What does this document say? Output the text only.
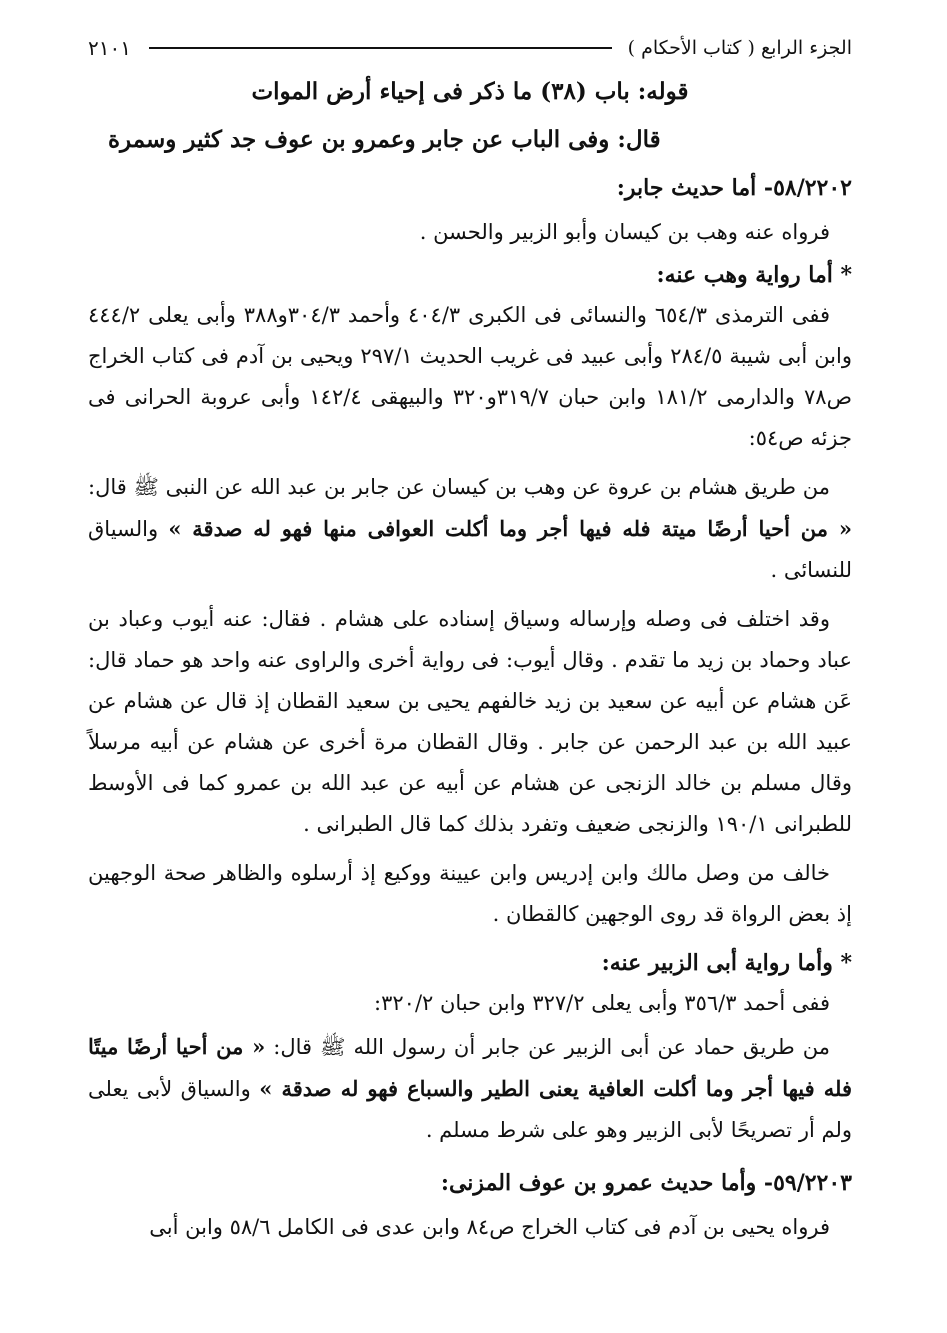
الجزء الرابع ( كتاب الأحكام )
٢١٠١
قوله: باب (٣٨) ما ذكر فى إحياء أرض الموات
قال: وفى الباب عن جابر وعمرو بن عوف جد كثير وسمرة
٥٨/٢٢٠٢- أما حديث جابر:

فرواه عنه وهب بن كيسان وأبو الزبير والحسن .

* أما رواية وهب عنه:

ففى الترمذى ٦٥٤/٣ والنسائى فى الكبرى ٤٠٤/٣ وأحمد ٣٠٤/٣و٣٨٨ وأبى يعلى ٤٤٤/٢ وابن أبى شيبة ٢٨٤/٥ وأبى عبيد فى غريب الحديث ٢٩٧/١ ويحيى بن آدم فى كتاب الخراج ص٧٨ والدارمى ١٨١/٢ وابن حبان ٣١٩/٧و٣٢٠ والبيهقى ١٤٢/٤ وأبى عروبة الحرانى فى جزئه ص٥٤:

من طريق هشام بن عروة عن وهب بن كيسان عن جابر بن عبد الله عن النبى ﷺ قال: « من أحيا أرضًا ميتة فله فيها أجر وما أكلت العوافى منها فهو له صدقة » والسياق للنسائى .

وقد اختلف فى وصله وإرساله وسياق إسناده على هشام . فقال: عنه أيوب وعباد بن عباد وحماد بن زيد ما تقدم . وقال أيوب: فى رواية أخرى والراوى عنه واحد هو حماد قال: عَن هشام عن أبيه عن سعيد بن زيد خالفهم يحيى بن سعيد القطان إذ قال عن هشام عن عبيد الله بن عبد الرحمن عن جابر . وقال القطان مرة أخرى عن هشام عن أبيه مرسلاً وقال مسلم بن خالد الزنجى عن هشام عن أبيه عن عبد الله بن عمرو كما فى الأوسط للطبرانى ١٩٠/١ والزنجى ضعيف وتفرد بذلك كما قال الطبرانى .

خالف من وصل مالك وابن إدريس وابن عيينة ووكيع إذ أرسلوه والظاهر صحة الوجهين إذ بعض الرواة قد روى الوجهين كالقطان .

* وأما رواية أبى الزبير عنه:

ففى أحمد ٣٥٦/٣ وأبى يعلى ٣٢٧/٢ وابن حبان ٣٢٠/٢:

من طريق حماد عن أبى الزبير عن جابر أن رسول الله ﷺ قال: « من أحيا أرضًا ميتًا فله فيها أجر وما أكلت العافية يعنى الطير والسباع فهو له صدقة » والسياق لأبى يعلى ولم أر تصريحًا لأبى الزبير وهو على شرط مسلم .

٥٩/٢٢٠٣- وأما حديث عمرو بن عوف المزنى:

فرواه يحيى بن آدم فى كتاب الخراج ص٨٤ وابن عدى فى الكامل ٥٨/٦ وابن أبى
